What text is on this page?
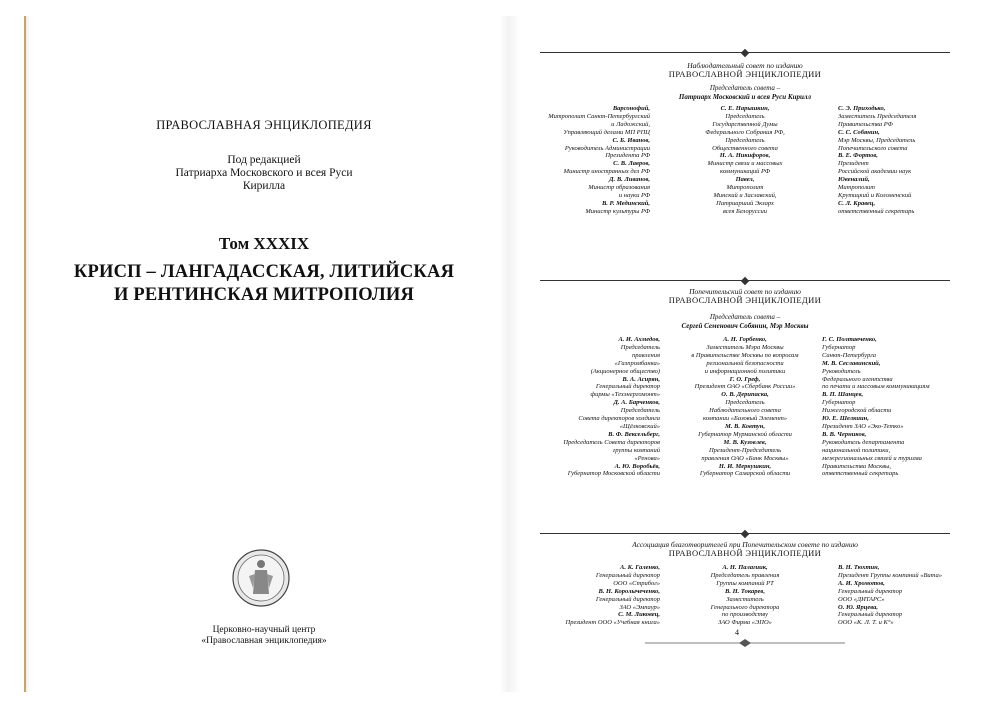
ПРАВОСЛАВНАЯ ЭНЦИКЛОПЕДИЯ
Под редакцией
Патриарха Московского и всея Руси
Кирилла
Том XXXIX
КРИСП – ЛАНГАДАССКАЯ, ЛИТИЙСКАЯ
И РЕНТИНСКАЯ МИТРОПОЛИЯ
Церковно-научный центр
«Православная энциклопедия»
Наблюдательный совет по изданию
ПРАВОСЛАВНОЙ ЭНЦИКЛОПЕДИИ
Председатель совета –
Патриарх Московский и всея Руси Кирилл
Варсонофий,
Митрополит Санкт-Петербургский
и Ладожский,
Управляющий делами МП РПЦ
С. Б. Иванов,
Руководитель Администрации
Президента РФ
С. В. Лавров,
Министр иностранных дел РФ
Д. В. Ливанов,
Министр образования
и науки РФ
В. Р. Мединский,
Министр культуры РФ
С. Е. Нарышкин,
Председатель
Государственной Думы
Федерального Собрания РФ,
Председатель
Общественного совета
Н. А. Никифоров,
Министр связи и массовых
коммуникаций РФ
Павел,
Митрополит
Минский и Заславский,
Патриарший Экзарх
всея Белоруссии
С. Э. Приходько,
Заместитель Председателя
Правительства РФ
С. С. Собянин,
Мэр Москвы, Председатель
Попечительского совета
В. Е. Фортов,
Президент
Российской академии наук
Ювеналий,
Митрополит
Крутицкий и Коломенский
С. Л. Кравец,
ответственный секретарь
Попечительский совет по изданию
ПРАВОСЛАВНОЙ ЭНЦИКЛОПЕДИИ
Председатель совета –
Сергей Семенович Собянин, Мэр Москвы
А. И. Ахмедов,
Председатель
правления
«Газпромбанка»
(Акционерное общество)
В. А. Асирян,
Генеральный директор
фирмы «Техэнергомонт»
Д. А. Барченков,
Председатель
Совета директоров холдинга
«Щёлковский»
В. Ф. Вексельберг,
Председатель Совета директоров
группы компаний
«Ренова»
А. Ю. Воробьёв,
Губернатор Московской области
А. Н. Горбенко,
Заместитель Мэра Москвы
в Правительстве Москвы по вопросам
региональной безопасности
и информационной политики
Г. О. Греф,
Президент ОАО «Сбербанк России»
О. В. Дерипаска,
Председатель
Наблюдательного совета
компании «Базовый Элемент»
М. В. Ковтун,
Губернатор Мурманской области
М. В. Кузовлев,
Президент-Председатель
правления ОАО «Банк Москвы»
Н. И. Меркушкин,
Губернатор Самарской области
Г. С. Полтавченко,
Губернатор
Санкт-Петербурга
М. В. Сеславинский,
Руководитель
Федерального агентства
по печати и массовым коммуникациям
В. П. Шанцев,
Губернатор
Нижегородской области
Ю. Е. Шелкиин,
Президент ЗАО «Эко-Тетко»
В. В. Черников,
Руководитель департамента
национальной политики,
межрегиональных связей и туризма
Правительства Москвы,
ответственный секретарь
Ассоциация благотворителей при Попечительском совете по изданию
ПРАВОСЛАВНОЙ ЭНЦИКЛОПЕДИИ
А. К. Галенко,
Генеральный директор
ООО «Стрибог»
В. Н. Королычеченко,
Генеральный директор
ЗАО «Эмпаур»
С. М. Ликовец,
Президент ООО «Учебная книга»
А. Н. Палагиик,
Председатель правления
Группы компаний РТ
В. Н. Токарев,
Заместитель
Генерального директора
по производству
ЗАО Фирма «ЭПО»
В. Н. Тюхтин,
Президент Группы компаний «Вита»
А. И. Хромотов,
Генеральный директор
ООО «ДИТАРС»
О. Ю. Ярцева,
Генеральный директор
ООО «К. Л. Т. и К°»
4
